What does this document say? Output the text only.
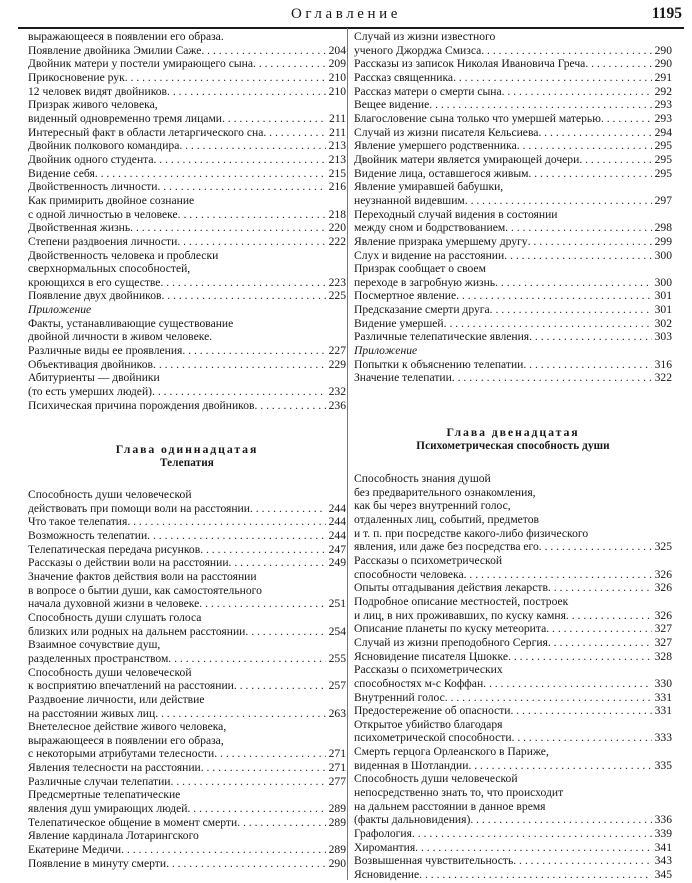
Оглавление	1195
выражающееся в появлении его образа.
Появление двойника Эмилии Саже . . .	204
Двойник матери у постели умирающего сына . . .	209
Прикосновение рук . . .	210
12 человек видят двойников . . .	210
Призрак живого человека,
виденный одновременно тремя лицами . . .	211
Интересный факт в области летаргического сна . . .	211
Двойник полкового командира . . .	213
Двойник одного студента . . .	213
Видение себя . . .	215
Двойственность личности . . .	216
Как примирить двойное сознание
с одной личностью в человеке . . .	218
Двойственная жизнь . . .	220
Степени раздвоения личности . . .	222
Двойственность человека и проблески
сверхнормальных способностей,
кроющихся в его существе . . .	223
Появление двух двойников . . .	225
Приложение
Факты, устанавливающие существование
двойной личности в живом человеке.
Различные виды ее проявления . . .	227
Объективация двойников . . .	229
Абитуриенты — двойники
(то есть умерших людей) . . .	232
Психическая причина порождения двойников . . .	236
Глава одиннадцатая
Телепатия
Способность души человеческой
действовать при помощи воли на расстоянии . . .	244
Что такое телепатия . . .	244
Возможность телепатии . . .	244
Телепатическая передача рисунков . . .	247
Рассказы о действии воли на расстоянии . . .	249
Значение фактов действия воли на расстоянии
в вопросе о бытии души, как самостоятельного
начала духовной жизни в человеке . . .	251
Способность души слушать голоса
близких или родных на дальнем расстоянии . . .	254
Взаимное сочувствие душ,
разделенных пространством . . .	255
Способность души человеческой
к восприятию впечатлений на расстоянии . . .	257
Раздвоение личности, или действие
на расстоянии живых лиц . . .	263
Внетелесное действие живого человека,
выражающееся в появлении его образа,
с некоторыми атрибутами телесности . . .	271
Явления телесности на расстоянии . . .	271
Различные случаи телепатии . . .	277
Предсмертные телепатические
явления душ умирающих людей . . .	289
Телепатическое общение в момент смерти . . .	289
Явление кардинала Лотарингского
Екатерине Медичи . . .	289
Появление в минуту смерти . . .	290
Случай из жизни известного
ученого Джорджа Смизса . . .	290
Рассказы из записок Николая Ивановича Греча . . .	290
Рассказ священника . . .	291
Рассказ матери о смерти сына . . .	292
Вещее видение . . .	293
Благословение сына только что умершей матерью . . .	293
Случай из жизни писателя Кельсиева . . .	294
Явление умершего родственника . . .	295
Двойник матери является умирающей дочери . . .	295
Видение лица, оставшегося живым . . .	295
Явление умиравшей бабушки,
неузнанной видевшим . . .	297
Переходный случай видения в состоянии
между сном и бодрствованием . . .	298
Явление призрака умершему другу . . .	299
Слух и видение на расстоянии . . .	300
Призрак сообщает о своем
переходе в загробную жизнь . . .	300
Посмертное явление . . .	301
Предсказание смерти друга . . .	301
Видение умершей . . .	302
Различные телепатические явления . . .	303
Приложение
Попытки к объяснению телепатии . . .	316
Значение телепатии . . .	322
Глава двенадцатая
Психометрическая способность души
Способность знания душой
без предварительного ознакомления,
как бы через внутренний голос,
отдаленных лиц, событий, предметов
и т. п. при посредстве какого-либо физического
явления, или даже без посредства его . . .	325
Рассказы о психометрической
способности человека . . .	326
Опыты отгадывания действия лекарств . . .	326
Подробное описание местностей, построек
и лиц, в них проживавших, по куску камня . . .	326
Описание планеты по куску метеорита . . .	327
Случай из жизни преподобного Сергия . . .	327
Ясновидение писателя Цшокке . . .	328
Рассказы о психометрических
способностях м-с Коффан . . .	330
Внутренний голос . . .	331
Предостережение об опасности . . .	331
Открытое убийство благодаря
психометрической способности . . .	333
Смерть герцога Орлеанского в Париже,
виденная в Шотландии . . .	335
Способность души человеческой
непосредственно знать то, что происходит
на дальнем расстоянии в данное время
(факты дальновидения) . . .	336
Графология . . .	339
Хиромантия . . .	341
Возвышенная чувствительность . . .	343
Ясновидение . . .	345
